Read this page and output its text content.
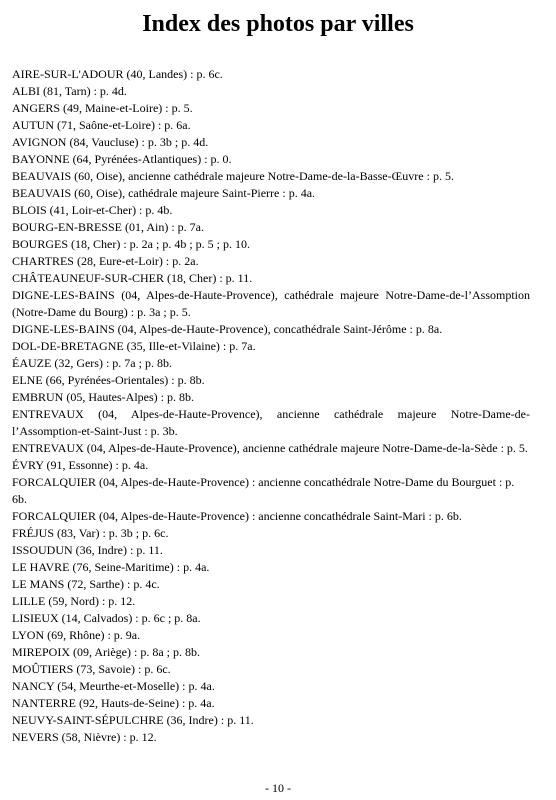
Index des photos par villes

AIRE-SUR-L'ADOUR (40, Landes) : p. 6c.

ALBI (81, Tarn) : p. 4d.

ANGERS (49, Maine-et-Loire) : p. 5.

AUTUN (71, Saône-et-Loire) : p. 6a.

AVIGNON (84, Vaucluse) : p. 3b ; p. 4d.

BAYONNE (64, Pyrénées-Atlantiques) : p. 0.

BEAUVAIS (60, Oise), ancienne cathédrale majeure Notre-Dame-de-la-Basse-Œuvre : p. 5.

BEAUVAIS (60, Oise), cathédrale majeure Saint-Pierre : p. 4a.

BLOIS (41, Loir-et-Cher) : p. 4b.

BOURG-EN-BRESSE (01, Ain) : p. 7a.

BOURGES (18, Cher) : p. 2a ; p. 4b ; p. 5 ; p. 10.

CHARTRES (28, Eure-et-Loir) : p. 2a.

CHÂTEAUNEUF-SUR-CHER (18, Cher) : p. 11.

DIGNE-LES-BAINS (04, Alpes-de-Haute-Provence), cathédrale majeure Notre-Dame-de-l’Assomption (Notre-Dame du Bourg) : p. 3a ; p. 5.

DIGNE-LES-BAINS (04, Alpes-de-Haute-Provence), concathédrale Saint-Jérôme : p. 8a.

DOL-DE-BRETAGNE (35, Ille-et-Vilaine) : p. 7a.

ÉAUZE (32, Gers) : p. 7a ; p. 8b.

ELNE (66, Pyrénées-Orientales) : p. 8b.

EMBRUN (05, Hautes-Alpes) : p. 8b.

ENTREVAUX (04, Alpes-de-Haute-Provence), ancienne cathédrale majeure Notre-Dame-de-l’Assomption-et-Saint-Just : p. 3b.

ENTREVAUX (04, Alpes-de-Haute-Provence), ancienne cathédrale majeure Notre-Dame-de-la-Sède : p. 5.

ÉVRY (91, Essonne) : p. 4a.

FORCALQUIER (04, Alpes-de-Haute-Provence) : ancienne concathédrale Notre-Dame du Bourguet : p. 6b.

FORCALQUIER (04, Alpes-de-Haute-Provence) : ancienne concathédrale Saint-Mari : p. 6b.

FRÉJUS (83, Var) : p. 3b ; p. 6c.

ISSOUDUN (36, Indre) : p. 11.

LE HAVRE (76, Seine-Maritime) : p. 4a.

LE MANS (72, Sarthe) : p. 4c.

LILLE (59, Nord) : p. 12.

LISIEUX (14, Calvados) : p. 6c ; p. 8a.

LYON (69, Rhône) : p. 9a.

MIREPOIX (09, Ariège) : p. 8a ; p. 8b.

MOÛTIERS (73, Savoie) : p. 6c.

NANCY (54, Meurthe-et-Moselle) : p. 4a.

NANTERRE (92, Hauts-de-Seine) : p. 4a.

NEUVY-SAINT-SÉPULCHRE (36, Indre) : p. 11.

NEVERS (58, Nièvre) : p. 12.

- 10 -
